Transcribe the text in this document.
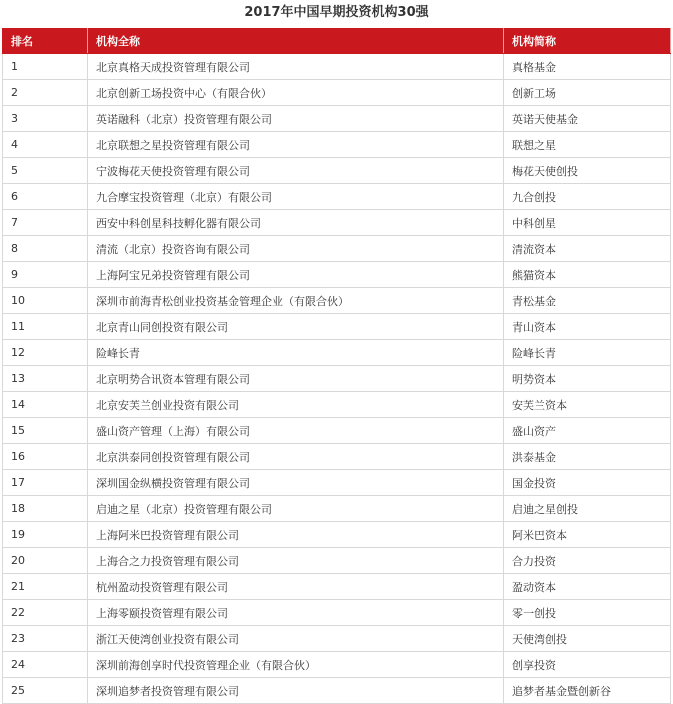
2017年中国早期投资机构30强
排名	机构全称	机构简称
1	北京真格天成投资管理有限公司	真格基金
2	北京创新工场投资中心（有限合伙）	创新工场
3	英诺融科（北京）投资管理有限公司	英诺天使基金
4	北京联想之星投资管理有限公司	联想之星
5	宁波梅花天使投资管理有限公司	梅花天使创投
6	九合摩宝投资管理（北京）有限公司	九合创投
7	西安中科创星科技孵化器有限公司	中科创星
8	清流（北京）投资咨询有限公司	清流资本
9	上海阿宝兄弟投资管理有限公司	熊猫资本
10	深圳市前海青松创业投资基金管理企业（有限合伙）	青松基金
11	北京青山同创投资有限公司	青山资本
12	险峰长青	险峰长青
13	北京明势合讯资本管理有限公司	明势资本
14	北京安芙兰创业投资有限公司	安芙兰资本
15	盛山资产管理（上海）有限公司	盛山资产
16	北京洪泰同创投资管理有限公司	洪泰基金
17	深圳国金纵横投资管理有限公司	国金投资
18	启迪之星（北京）投资管理有限公司	启迪之星创投
19	上海阿米巴投资管理有限公司	阿米巴资本
20	上海合之力投资管理有限公司	合力投资
21	杭州盈动投资管理有限公司	盈动资本
22	上海零颐投资管理有限公司	零一创投
23	浙江天使湾创业投资有限公司	天使湾创投
24	深圳前海创享时代投资管理企业（有限合伙）	创享投资
25	深圳追梦者投资管理有限公司	追梦者基金暨创新谷
